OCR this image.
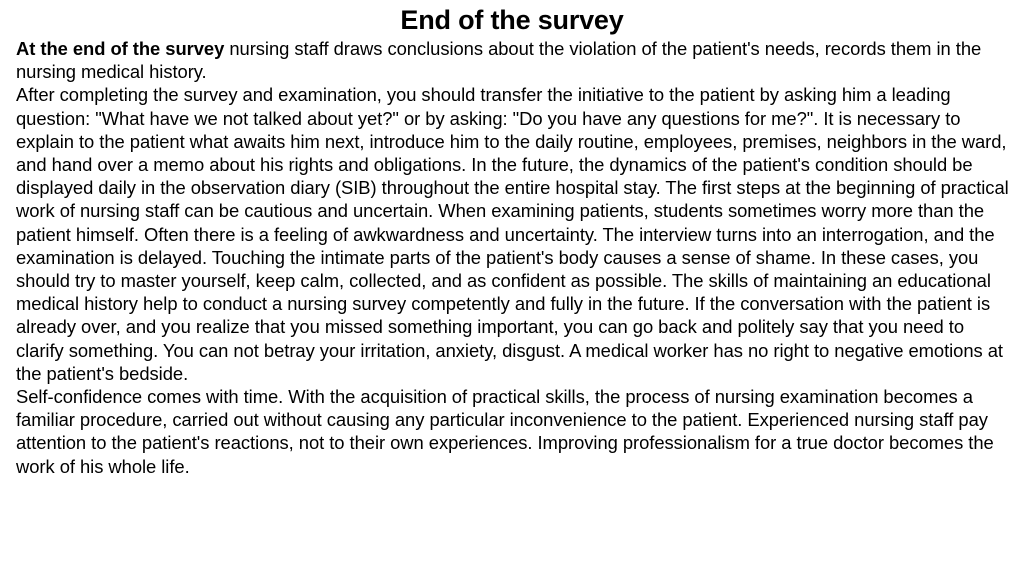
End of the survey

At the end of the survey nursing staff draws conclusions about the violation of the patient's needs, records them in the nursing medical history.

After completing the survey and examination, you should transfer the initiative to the patient by asking him a leading question: "What have we not talked about yet?" or by asking: "Do you have any questions for me?". It is necessary to explain to the patient what awaits him next, introduce him to the daily routine, employees, premises, neighbors in the ward, and hand over a memo about his rights and obligations. In the future, the dynamics of the patient's condition should be displayed daily in the observation diary (SIB) throughout the entire hospital stay. The first steps at the beginning of practical work of nursing staff can be cautious and uncertain. When examining patients, students sometimes worry more than the patient himself. Often there is a feeling of awkwardness and uncertainty. The interview turns into an interrogation, and the examination is delayed. Touching the intimate parts of the patient's body causes a sense of shame. In these cases, you should try to master yourself, keep calm, collected, and as confident as possible. The skills of maintaining an educational medical history help to conduct a nursing survey competently and fully in the future. If the conversation with the patient is already over, and you realize that you missed something important, you can go back and politely say that you need to clarify something. You can not betray your irritation, anxiety, disgust. A medical worker has no right to negative emotions at the patient's bedside.

Self-confidence comes with time. With the acquisition of practical skills, the process of nursing examination becomes a familiar procedure, carried out without causing any particular inconvenience to the patient. Experienced nursing staff pay attention to the patient's reactions, not to their own experiences. Improving professionalism for a true doctor becomes the work of his whole life.
